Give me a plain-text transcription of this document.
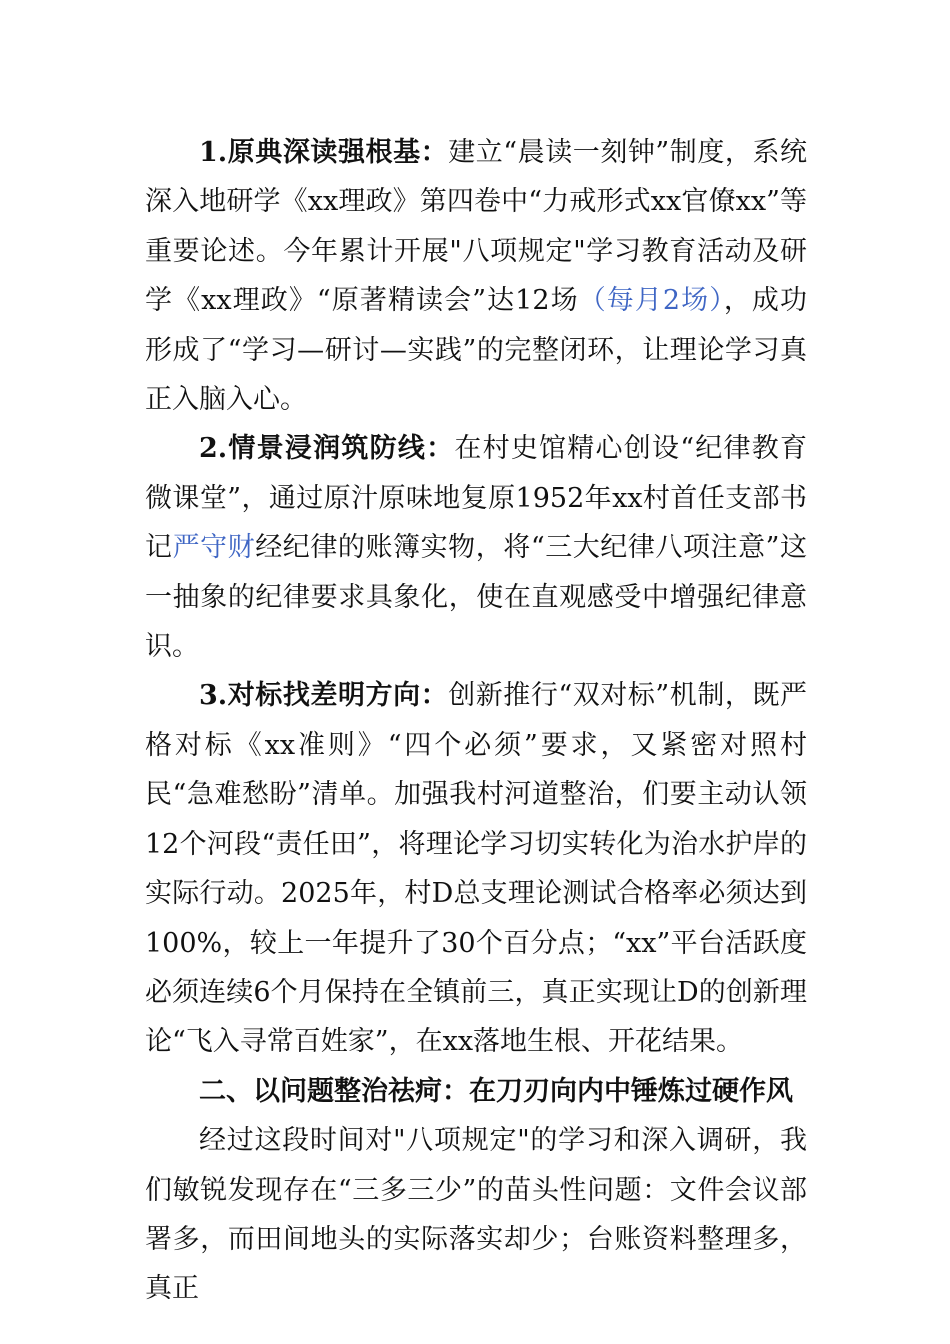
1.原典深读强根基：建立“晨读一刻钟”制度，系统深入地研学《xx理政》第四卷中“力戒形式xx官僚xx”等重要论述。今年累计开展"八项规定"学习教育活动及研学《xx理政》“原著精读会”达12场（每月2场），成功形成了“学习—研讨—实践”的完整闭环，让理论学习真正入脑入心。

2.情景浸润筑防线：在村史馆精心创设“纪律教育微课堂”，通过原汁原味地复原1952年xx村首任支部书记严守财经纪律的账簿实物，将“三大纪律八项注意”这一抽象的纪律要求具象化，使在直观感受中增强纪律意识。

3.对标找差明方向：创新推行“双对标”机制，既严格对标《xx准则》“四个必须”要求，又紧密对照村民“急难愁盼”清单。加强我村河道整治，们要主动认领12个河段“责任田”，将理论学习切实转化为治水护岸的实际行动。2025年，村D总支理论测试合格率必须达到100%，较上一年提升了30个百分点；“xx”平台活跃度必须连续6个月保持在全镇前三，真正实现让D的创新理论“飞入寻常百姓家”，在xx落地生根、开花结果。

二、以问题整治祛疴：在刀刃向内中锤炼过硬作风

经过这段时间对"八项规定"的学习和深入调研，我们敏锐发现存在“三多三少”的苗头性问题：文件会议部署多，而田间地头的实际落实却少；台账资料整理多，真正
